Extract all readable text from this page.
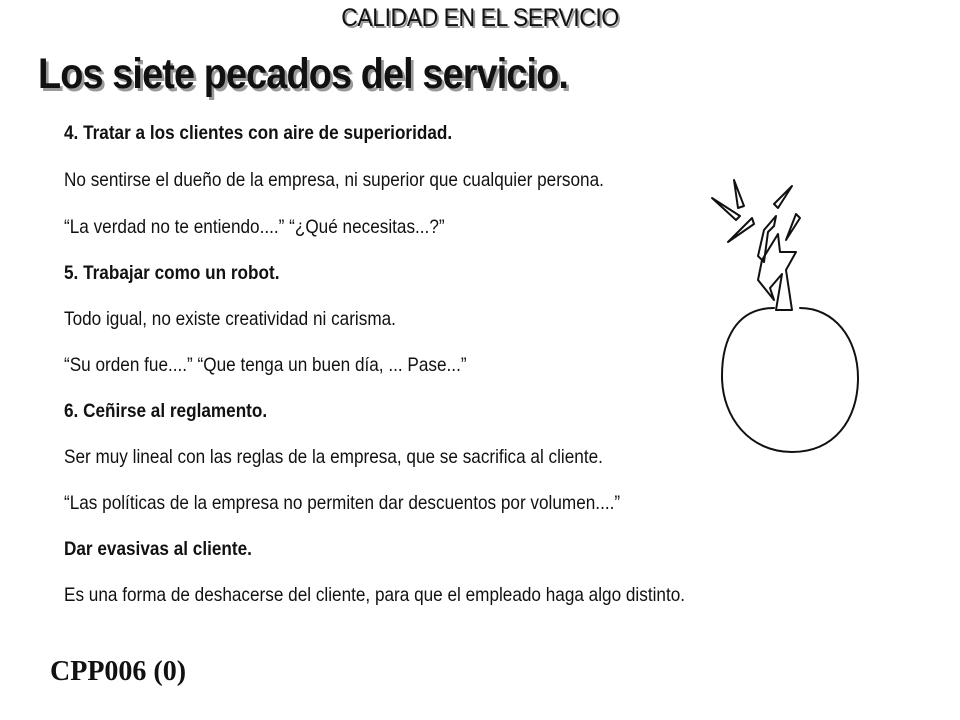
CALIDAD EN EL SERVICIO
Los siete pecados del servicio.
4. Tratar a los clientes con aire de superioridad.
No sentirse el dueño de la empresa, ni superior que cualquier persona.
“La verdad no te entiendo....” “¿Qué necesitas...?”
5. Trabajar como un robot.
Todo igual, no existe creatividad ni carisma.
“Su orden fue....” “Que tenga un buen día, ... Pase...”
6. Ceñirse al reglamento.
Ser muy lineal con las reglas de la empresa, que se sacrifica al cliente.
“Las políticas de la empresa no permiten dar descuentos por volumen....”
Dar evasivas al cliente.
Es una forma de deshacerse del cliente, para que el empleado haga algo distinto.
CPP006 (0)
